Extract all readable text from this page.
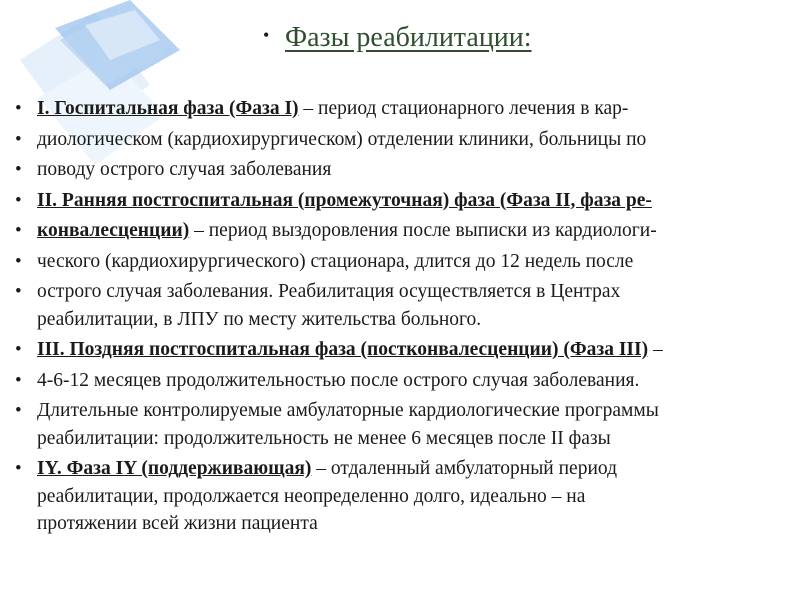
• Фазы реабилитации:
• I. Госпитальная фаза (Фаза I) – период стационарного лечения в кар-
• диологическом (кардиохирургическом) отделении клиники, больницы по
• поводу острого случая заболевания
• II. Ранняя постгоспитальная (промежуточная) фаза (Фаза II, фаза ре-
• конвалесценции) – период выздоровления после выписки из кардиологи-
• ческого (кардиохирургического) стационара, длится до 12 недель после
• острого случая заболевания. Реабилитация осуществляется в Центрах
реабилитации, в ЛПУ по месту жительства больного.
• III. Поздняя постгоспитальная фаза (постконвалесценции) (Фаза III) –
• 4-6-12 месяцев продолжительностью после острого случая заболевания.
• Длительные контролируемые амбулаторные кардиологические программы
реабилитации: продолжительность не менее 6 месяцев после II фазы
• IY. Фаза IY (поддерживающая) – отдаленный амбулаторный период
реабилитации, продолжается неопределенно долго, идеально – на
протяжении всей жизни пациента
